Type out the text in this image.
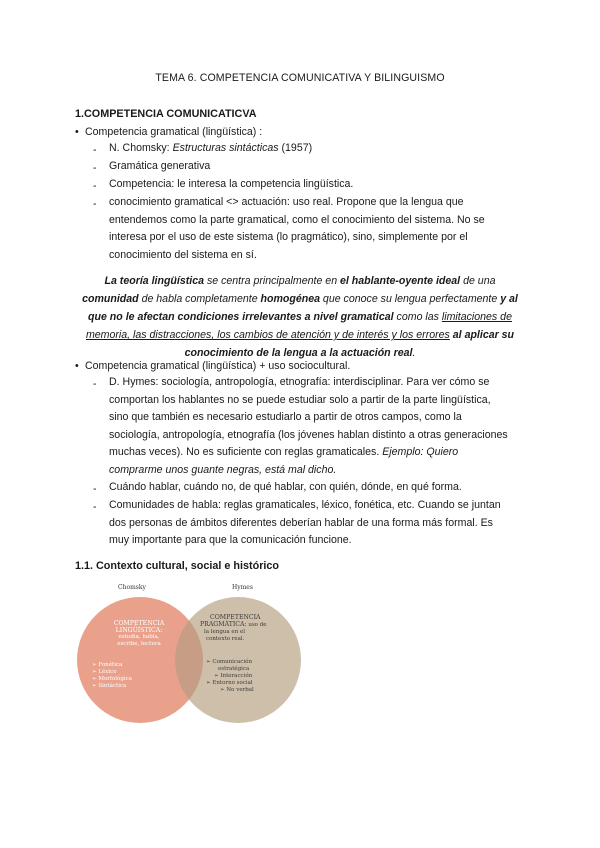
TEMA 6. COMPETENCIA COMUNICATIVA Y BILINGUISMO
1.COMPETENCIA COMUNICATICVA
• Competencia gramatical (lingüística) :
- N. Chomsky: Estructuras sintácticas (1957)
- Gramática generativa
- Competencia: le interesa la competencia lingüística.
- conocimiento gramatical <> actuación: uso real. Propone que la lengua que
entendemos como la parte gramatical, como el conocimiento del sistema. No se
interesa por el uso de este sistema (lo pragmático), sino, simplemente por el
conocimiento del sistema en sí.
La teoría lingüística se centra principalmente en el hablante-oyente ideal de una
comunidad de habla completamente homogénea que conoce su lengua perfectamente y al
que no le afectan condiciones irrelevantes a nivel gramatical como las limitaciones de
memoria, las distracciones, los cambios de atención y de interés y los errores al aplicar su
conocimiento de la lengua a la actuación real.
• Competencia gramatical (lingüística) + uso sociocultural.
- D. Hymes: sociología, antropología, etnografía: interdisciplinar. Para ver cómo se
comportan los hablantes no se puede estudiar solo a partir de la parte lingüística,
sino que también es necesario estudiarlo a partir de otros campos, como la
sociología, antropología, etnografía (los jóvenes hablan distinto a otras generaciones
muchas veces). No es suficiente con reglas gramaticales. Ejemplo: Quiero
comprarme unos guante negras, está mal dicho.
- Cuándo hablar, cuándo no, de qué hablar, con quién, dónde, en qué forma.
- Comunidades de habla: reglas gramaticales, léxico, fonética, etc. Cuando se juntan
dos personas de ámbitos diferentes deberían hablar de una forma más formal. Es
muy importante para que la comunicación funcione.
1.1. Contexto cultural, social e histórico
Chomsky	Hymes
COMPETENCIA
LINGÜÍSTICA:
estudia, habla,
escribe, lectura
➢ Fonética
➢ Léxico
➢ Morfológica
➢ Sintáctica
COMPETENCIA
PRAGMÁTICA: uso de
la lengua en el
contexto real.
➢ Comunicación
estratégica
➢ Interacción
➢ Entorno social
➢ No verbal
